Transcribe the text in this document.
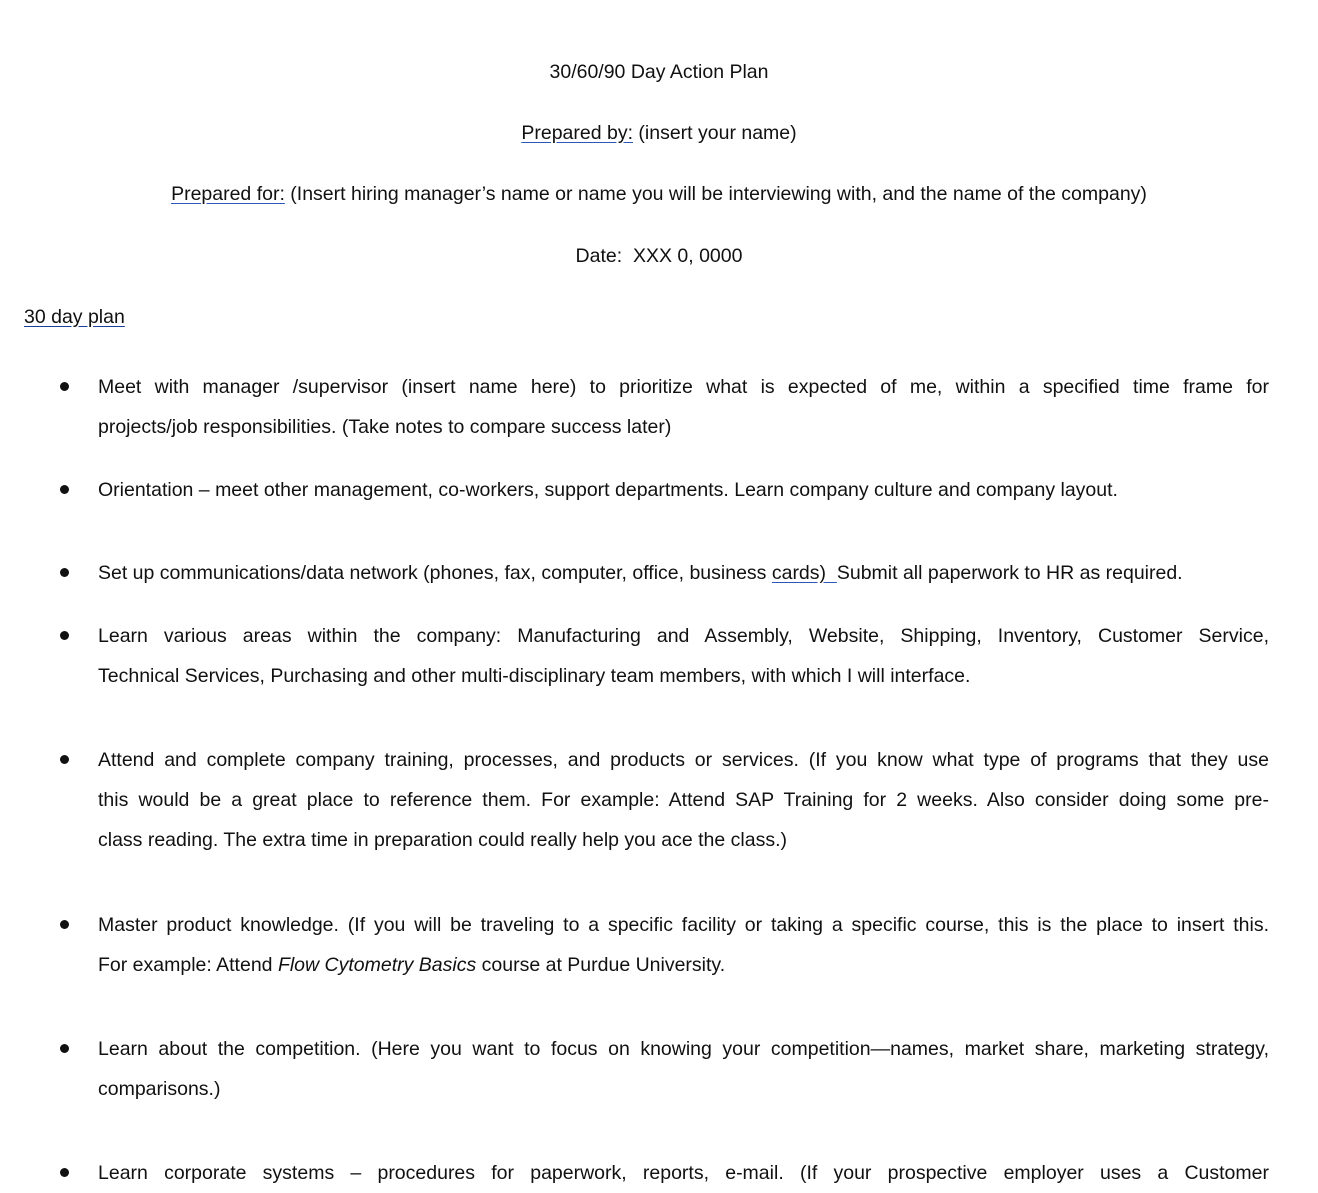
30/60/90 Day Action Plan
Prepared by: (insert your name)
Prepared for: (Insert hiring manager’s name or name you will be interviewing with, and the name of the company)
Date: XXX 0, 0000
30 day plan
Meet with manager /supervisor (insert name here) to prioritize what is expected of me, within a specified time frame for
projects/job responsibilities. (Take notes to compare success later)
Orientation – meet other management, co-workers, support departments. Learn company culture and company layout.
Set up communications/data network (phones, fax, computer, office, business cards)  Submit all paperwork to HR as required.
Learn various areas within the company: Manufacturing and Assembly, Website, Shipping, Inventory, Customer Service,
Technical Services, Purchasing and other multi-disciplinary team members, with which I will interface.
Attend and complete company training, processes, and products or services. (If you know what type of programs that they use
this would be a great place to reference them. For example: Attend SAP Training for 2 weeks. Also consider doing some pre-
class reading. The extra time in preparation could really help you ace the class.)
Master product knowledge. (If you will be traveling to a specific facility or taking a specific course, this is the place to insert this.
For example: Attend Flow Cytometry Basics course at Purdue University.
Learn about the competition. (Here you want to focus on knowing your competition—names, market share, marketing strategy,
comparisons.)
Learn corporate systems – procedures for paperwork, reports, e-mail. (If your prospective employer uses a Customer
